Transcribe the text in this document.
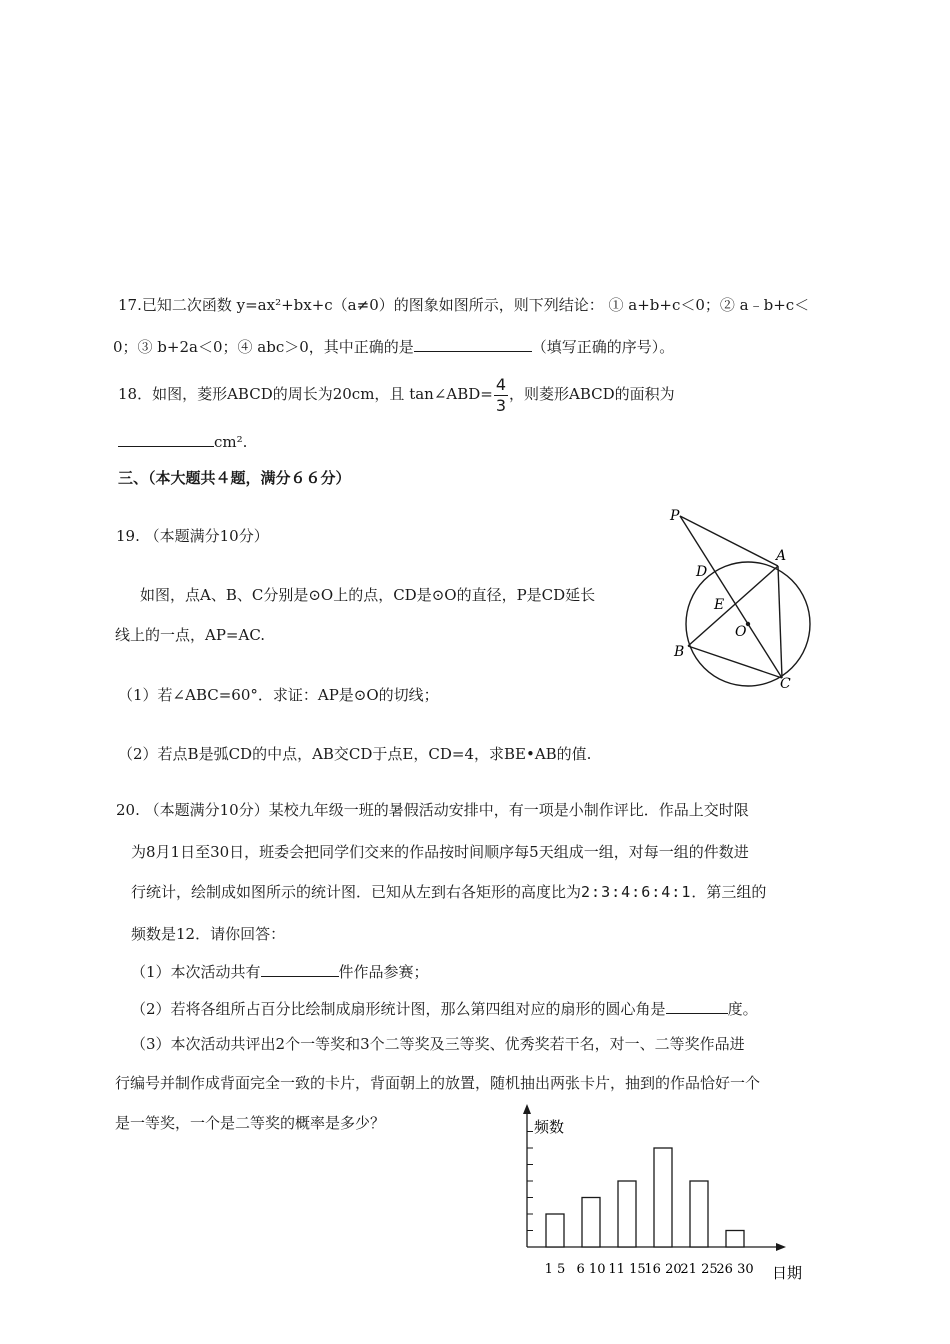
17.已知二次函数 y=ax²+bx+c（a≠0）的图象如图所示，则下列结论： ① a+b+c＜0；② a﹣b+c＜
0；③ b+2a＜0；④ abc＞0，其中正确的是	（填写正确的序号）。
18．如图，菱形ABCD的周长为20cm，且 tan∠ABD= $\frac{4}{3}$ ，则菱形ABCD的面积为
cm².
三、（本大题共４题，满分６６分）
19. （本题满分10分）
如图，点A、B、C分别是⊙O上的点，CD是⊙O的直径，P是CD延长
线上的一点，AP=AC.
（1）若∠ABC=60°．求证：AP是⊙O的切线；
（2）若点B是弧CD的中点，AB交CD于点E，CD=4，求BE•AB的值.
P
A
D
E
O
B
C
20. （本题满分10分）某校九年级一班的暑假活动安排中，有一项是小制作评比．作品上交时限
为8月1日至30日，班委会把同学们交来的作品按时间顺序每5天组成一组，对每一组的件数进
行统计，绘制成如图所示的统计图．已知从左到右各矩形的高度比为2:3:4:6:4:1．第三组的
频数是12．请你回答：
（1）本次活动共有	件作品参赛；
（2）若将各组所占百分比绘制成扇形统计图，那么第四组对应的扇形的圆心角是	度。
（3）本次活动共评出2个一等奖和3个二等奖及三等奖、优秀奖若干名，对一、二等奖作品进
行编号并制作成背面完全一致的卡片，背面朝上的放置，随机抽出两张卡片，抽到的作品恰好一个
是一等奖，一个是二等奖的概率是多少？
1 5 6 10 11 15
16 20
21 25
26 30
频数
日期
